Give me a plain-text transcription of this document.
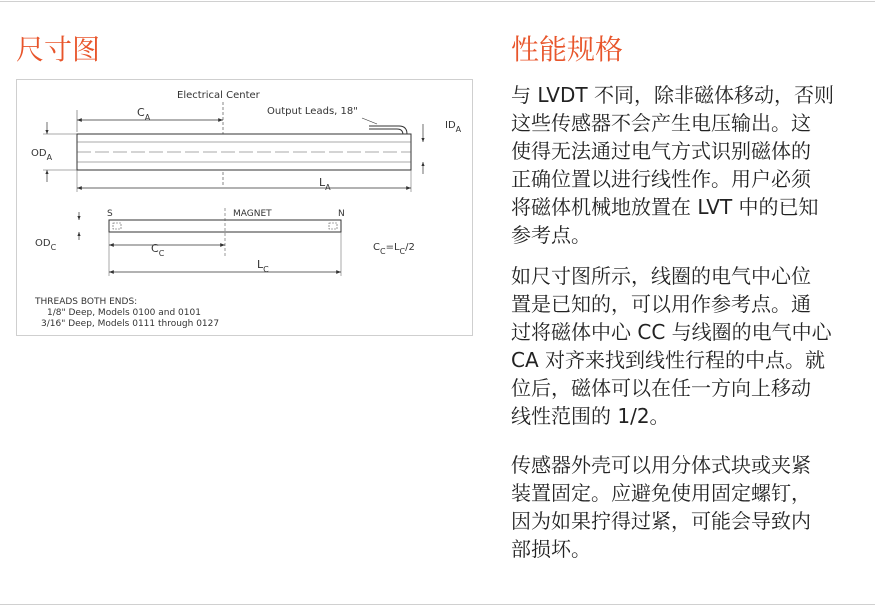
尺寸图	性能规格
Electrical Center
$C_A$
Output Leads, 18"
$OD_A$
$ID_A$
$L_A$
S	MAGNET	N
$OD_C$	$C_C$
$L_C$
$C_C=L_C/2$
THREADS BOTH ENDS:
1/8" Deep, Models 0100 and 0101
3/16" Deep, Models 0111 through 0127
与 LVDT 不同，除非磁体移动，否则
这些传感器不会产生电压输出。这
使得无法通过电气方式识别磁体的
正确位置以进行线性作。用户必须
将磁体机械地放置在 LVT 中的已知
参考点。
如尺寸图所示，线圈的电气中心位
置是已知的，可以用作参考点。通
过将磁体中心 CC 与线圈的电气中心
CA 对齐来找到线性行程的中点。就
位后，磁体可以在任一方向上移动
线性范围的 1/2。
传感器外壳可以用分体式块或夹紧
装置固定。应避免使用固定螺钉，
因为如果拧得过紧，可能会导致内
部损坏。
